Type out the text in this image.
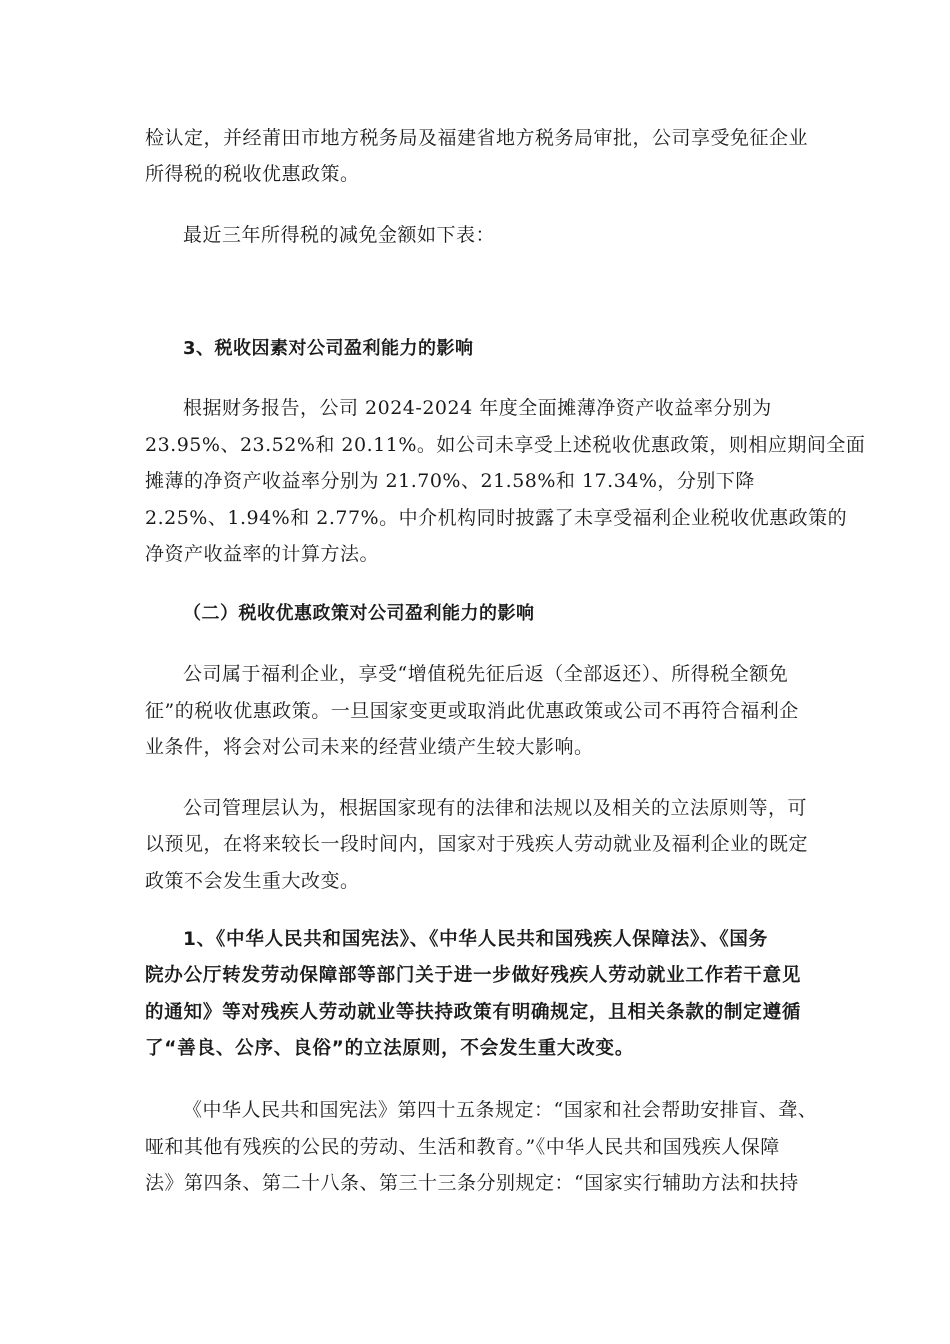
检认定，并经莆田市地方税务局及福建省地方税务局审批，公司享受免征企业
所得税的税收优惠政策。
最近三年所得税的减免金额如下表：
3、税收因素对公司盈利能力的影响
根据财务报告，公司 2024-2024 年度全面摊薄净资产收益率分别为
23.95%、23.52%和 20.11%。如公司未享受上述税收优惠政策，则相应期间全面
摊薄的净资产收益率分别为 21.70%、21.58%和 17.34%，分别下降
2.25%、1.94%和 2.77%。中介机构同时披露了未享受福利企业税收优惠政策的
净资产收益率的计算方法。
（二）税收优惠政策对公司盈利能力的影响
公司属于福利企业，享受“增值税先征后返（全部返还）、所得税全额免
征”的税收优惠政策。一旦国家变更或取消此优惠政策或公司不再符合福利企
业条件，将会对公司未来的经营业绩产生较大影响。
公司管理层认为，根据国家现有的法律和法规以及相关的立法原则等，可
以预见，在将来较长一段时间内，国家对于残疾人劳动就业及福利企业的既定
政策不会发生重大改变。
1、《中华人民共和国宪法》、《中华人民共和国残疾人保障法》、《国务
院办公厅转发劳动保障部等部门关于进一步做好残疾人劳动就业工作若干意见
的通知》等对残疾人劳动就业等扶持政策有明确规定，且相关条款的制定遵循
了“善良、公序、良俗”的立法原则，不会发生重大改变。
《中华人民共和国宪法》第四十五条规定：“国家和社会帮助安排盲、聋、
哑和其他有残疾的公民的劳动、生活和教育。”《中华人民共和国残疾人保障
法》第四条、第二十八条、第三十三条分别规定：“国家实行辅助方法和扶持
